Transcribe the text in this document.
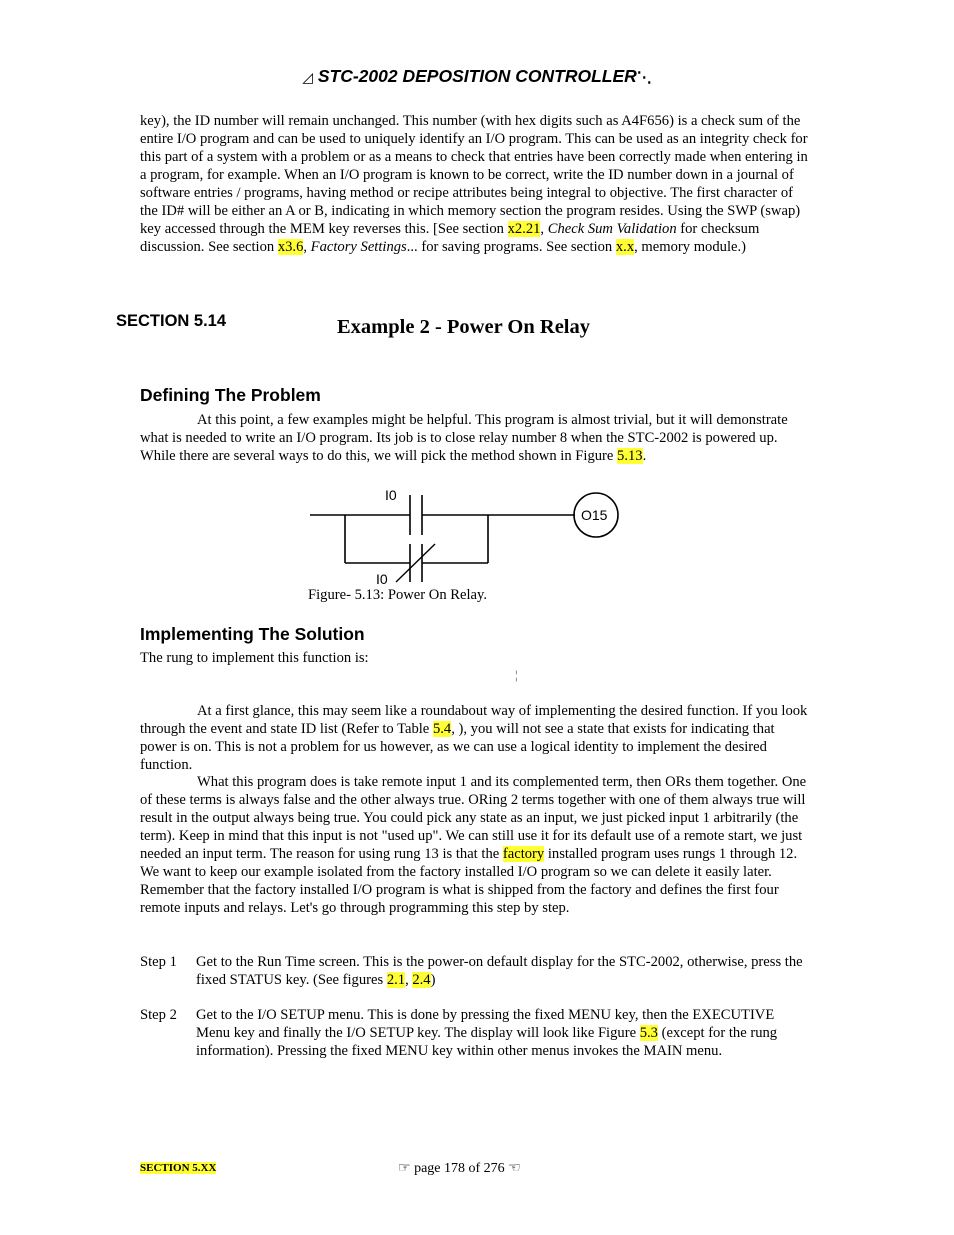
◿ STC-2002 DEPOSITION CONTROLLER⋱
key), the ID number will remain unchanged. This number (with hex digits such as A4F656) is a check sum of the entire I/O program and can be used to uniquely identify an I/O program. This can be used as an integrity check for this part of a system with a problem or as a means to check that entries have been correctly made when entering in a program, for example. When an I/O program is known to be correct, write the ID number down in a journal of software entries / programs, having method or recipe attributes being integral to objective. The first character of the ID# will be either an A or B, indicating in which memory section the program resides. Using the SWP (swap) key accessed through the MEM key reverses this. [See section x2.21, Check Sum Validation for checksum discussion. See section x3.6, Factory Settings... for saving programs. See section x.x, memory module.)
SECTION 5.14	Example 2 - Power On Relay
Defining The Problem
At this point, a few examples might be helpful. This program is almost trivial, but it will demonstrate what is needed to write an I/O program. Its job is to close relay number 8 when the STC-2002 is powered up. While there are several ways to do this, we will pick the method shown in Figure 5.13.
I0
I0
O15
Figure- 5.13: Power On Relay.
Implementing The Solution
The rung to implement this function is:
¦
At a first glance, this may seem like a roundabout way of implementing the desired function. If you look through the event and state ID list (Refer to Table 5.4, ), you will not see a state that exists for indicating that power is on. This is not a problem for us however, as we can use a logical identity to implement the desired function.
What this program does is take remote input 1 and its complemented term, then ORs them together. One of these terms is always false and the other always true. ORing 2 terms together with one of them always true will result in the output always being true. You could pick any state as an input, we just picked input 1 arbitrarily (the term). Keep in mind that this input is not "used up". We can still use it for its default use of a remote start, we just needed an input term. The reason for using rung 13 is that the factory installed program uses rungs 1 through 12. We want to keep our example isolated from the factory installed I/O program so we can delete it easily later. Remember that the factory installed I/O program is what is shipped from the factory and defines the first four remote inputs and relays. Let's go through programming this step by step.
Step 1 Get to the Run Time screen. This is the power-on default display for the STC-2002, otherwise, press the fixed STATUS key. (See figures 2.1, 2.4)
Step 2 Get to the I/O SETUP menu. This is done by pressing the fixed MENU key, then the EXECUTIVE Menu key and finally the I/O SETUP key. The display will look like Figure 5.3 (except for the rung information). Pressing the fixed MENU key within other menus invokes the MAIN menu.
SECTION 5.XX	☞ page 178 of 276 ☜
